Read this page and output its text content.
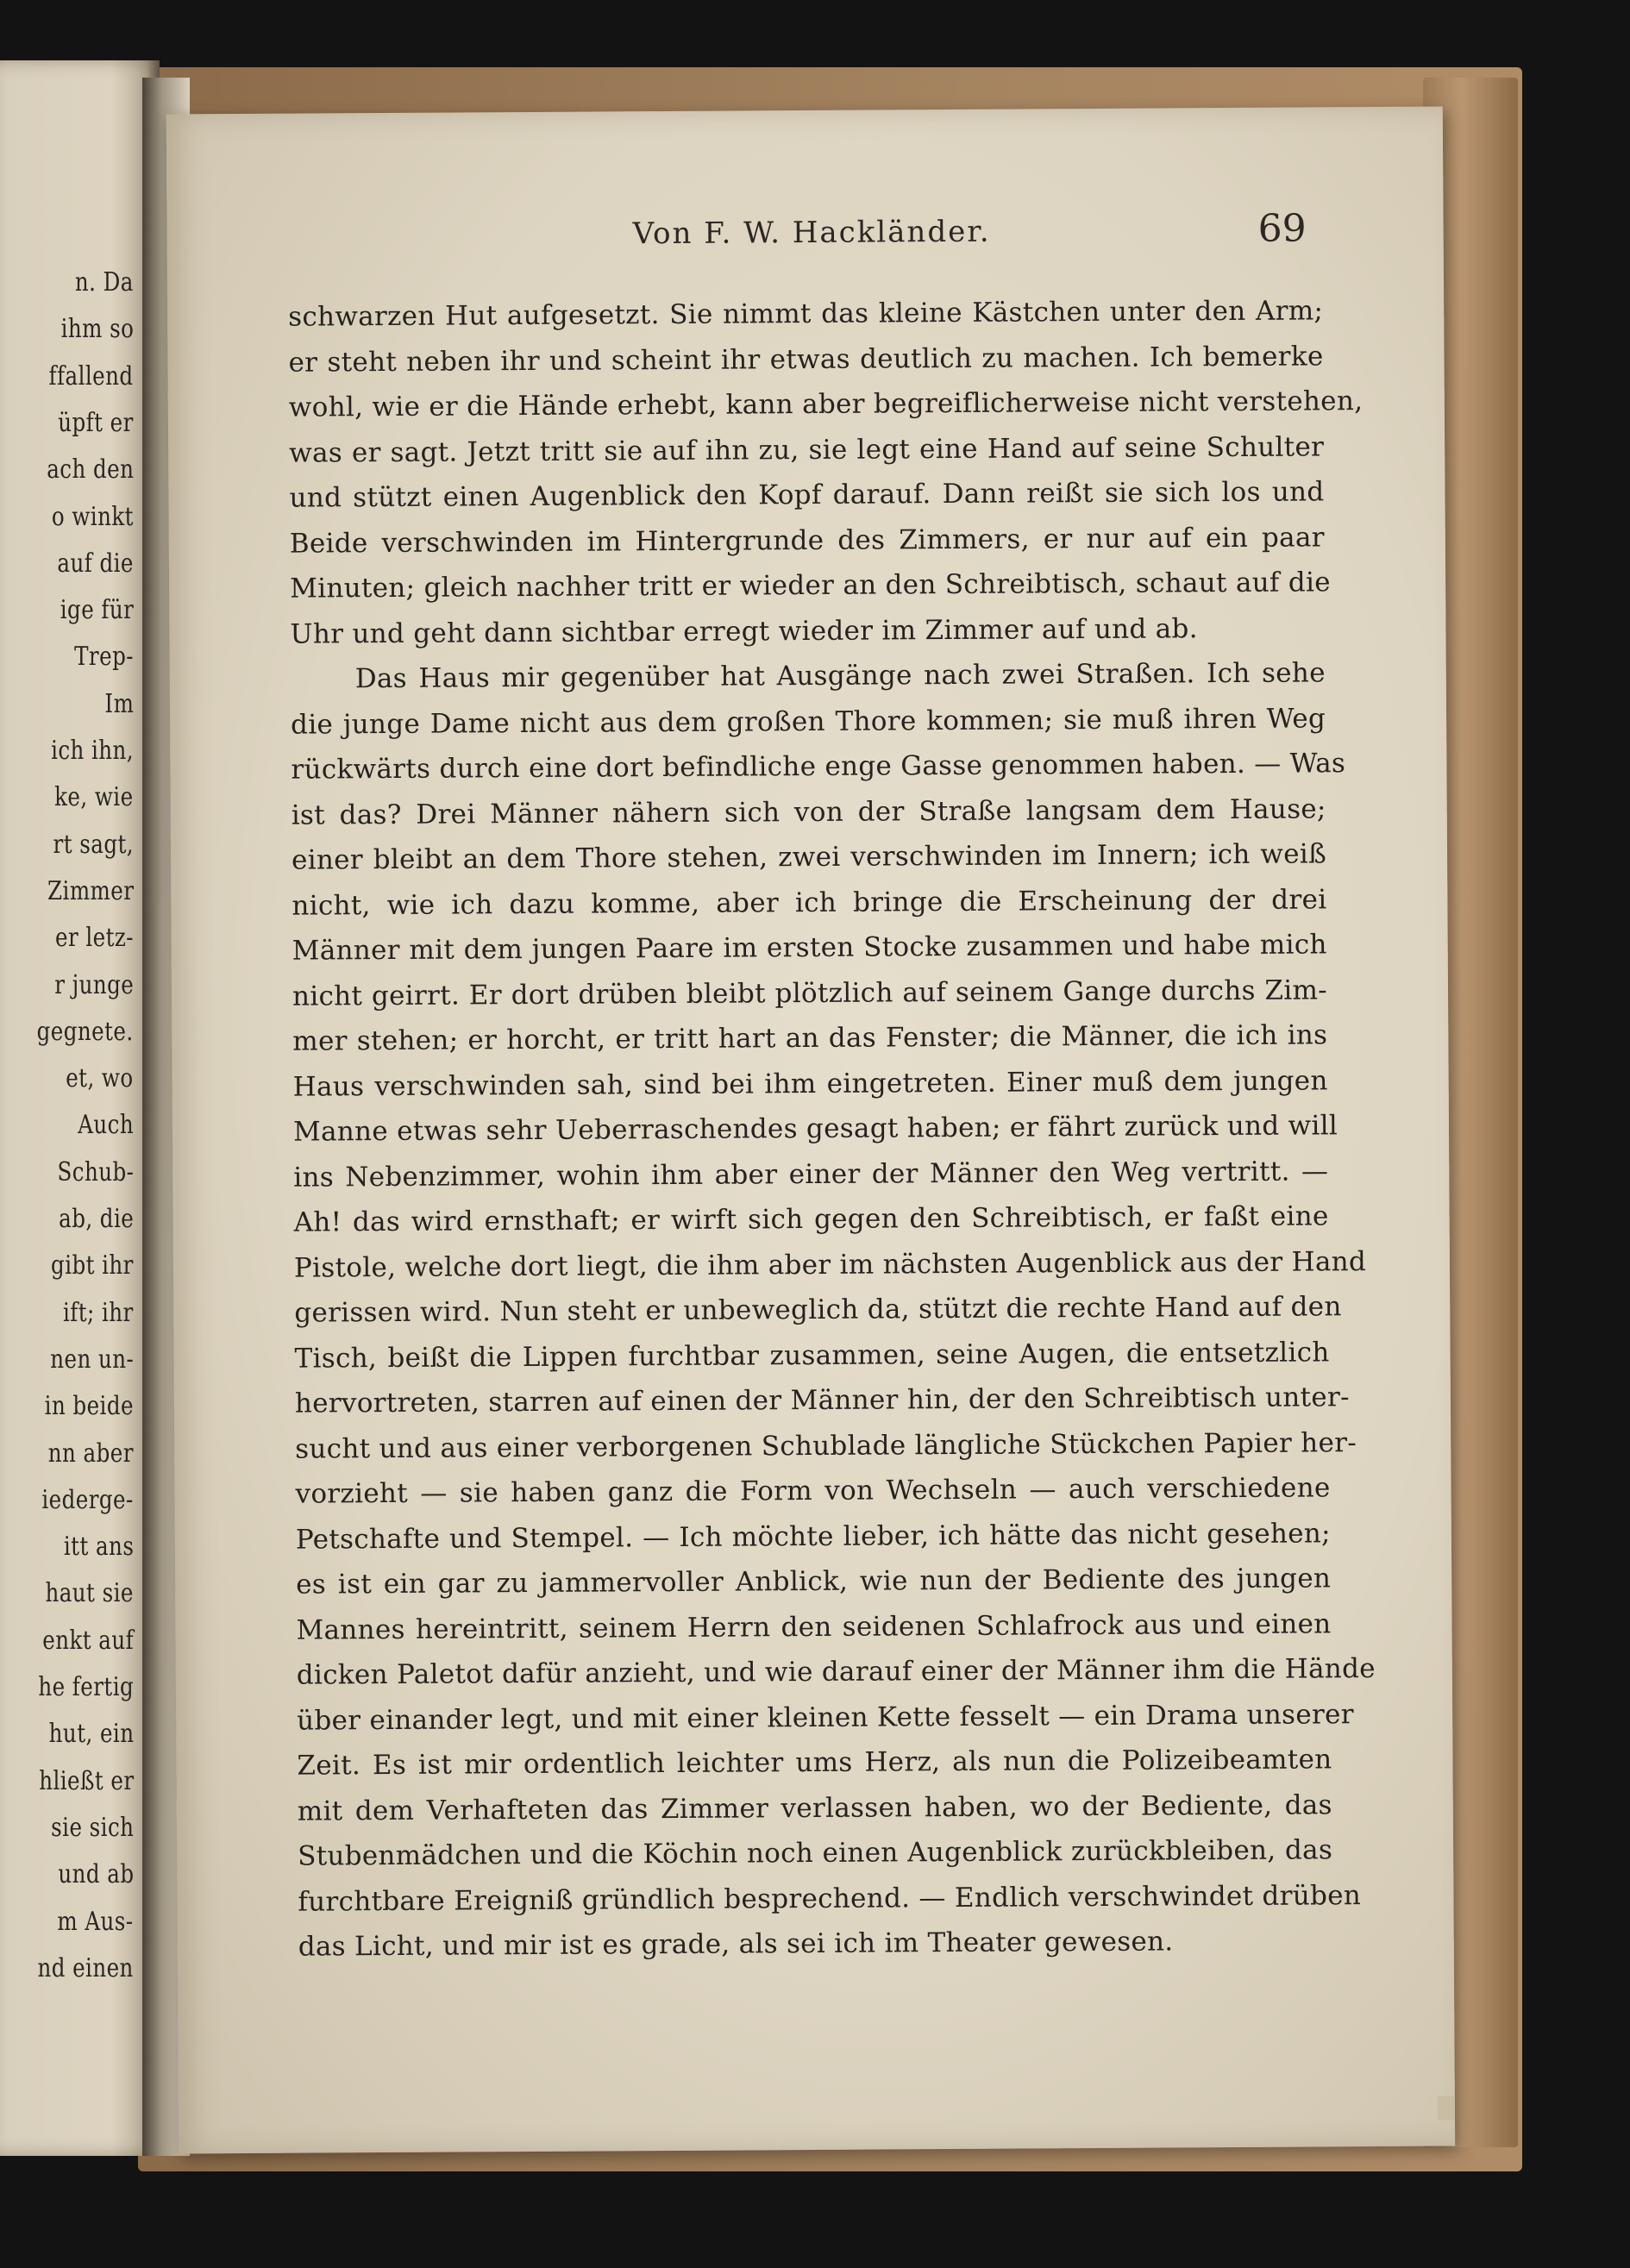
n. Da
ihm so
ffallend
üpft er
ach den
o winkt
auf die
ige für
Trep-
Im
ich ihn,
ke, wie
rt sagt,
Zimmer
er letz-
r junge
gegnete.
et, wo
Auch
Schub-
ab, die
gibt ihr
ift; ihr
nen un-
in beide
nn aber
iederge-
itt ans
haut sie
enkt auf
he fertig
hut, ein
hließt er
sie sich
und ab
m Aus-
nd einen
Von F. W. Hackländer.	69
schwarzen Hut aufgesetzt. Sie nimmt das kleine Kästchen unter den Arm;
er steht neben ihr und scheint ihr etwas deutlich zu machen. Ich bemerke
wohl, wie er die Hände erhebt, kann aber begreiflicherweise nicht verstehen,
was er sagt. Jetzt tritt sie auf ihn zu, sie legt eine Hand auf seine Schulter
und stützt einen Augenblick den Kopf darauf. Dann reißt sie sich los und
Beide verschwinden im Hintergrunde des Zimmers, er nur auf ein paar
Minuten; gleich nachher tritt er wieder an den Schreibtisch, schaut auf die
Uhr und geht dann sichtbar erregt wieder im Zimmer auf und ab.
Das Haus mir gegenüber hat Ausgänge nach zwei Straßen. Ich sehe
die junge Dame nicht aus dem großen Thore kommen; sie muß ihren Weg
rückwärts durch eine dort befindliche enge Gasse genommen haben. — Was
ist das? Drei Männer nähern sich von der Straße langsam dem Hause;
einer bleibt an dem Thore stehen, zwei verschwinden im Innern; ich weiß
nicht, wie ich dazu komme, aber ich bringe die Erscheinung der drei
Männer mit dem jungen Paare im ersten Stocke zusammen und habe mich
nicht geirrt. Er dort drüben bleibt plötzlich auf seinem Gange durchs Zim-
mer stehen; er horcht, er tritt hart an das Fenster; die Männer, die ich ins
Haus verschwinden sah, sind bei ihm eingetreten. Einer muß dem jungen
Manne etwas sehr Ueberraschendes gesagt haben; er fährt zurück und will
ins Nebenzimmer, wohin ihm aber einer der Männer den Weg vertritt. —
Ah! das wird ernsthaft; er wirft sich gegen den Schreibtisch, er faßt eine
Pistole, welche dort liegt, die ihm aber im nächsten Augenblick aus der Hand
gerissen wird. Nun steht er unbeweglich da, stützt die rechte Hand auf den
Tisch, beißt die Lippen furchtbar zusammen, seine Augen, die entsetzlich
hervortreten, starren auf einen der Männer hin, der den Schreibtisch unter-
sucht und aus einer verborgenen Schublade längliche Stückchen Papier her-
vorzieht — sie haben ganz die Form von Wechseln — auch verschiedene
Petschafte und Stempel. — Ich möchte lieber, ich hätte das nicht gesehen;
es ist ein gar zu jammervoller Anblick, wie nun der Bediente des jungen
Mannes hereintritt, seinem Herrn den seidenen Schlafrock aus und einen
dicken Paletot dafür anzieht, und wie darauf einer der Männer ihm die Hände
über einander legt, und mit einer kleinen Kette fesselt — ein Drama unserer
Zeit. Es ist mir ordentlich leichter ums Herz, als nun die Polizeibeamten
mit dem Verhafteten das Zimmer verlassen haben, wo der Bediente, das
Stubenmädchen und die Köchin noch einen Augenblick zurückbleiben, das
furchtbare Ereigniß gründlich besprechend. — Endlich verschwindet drüben
das Licht, und mir ist es grade, als sei ich im Theater gewesen.
